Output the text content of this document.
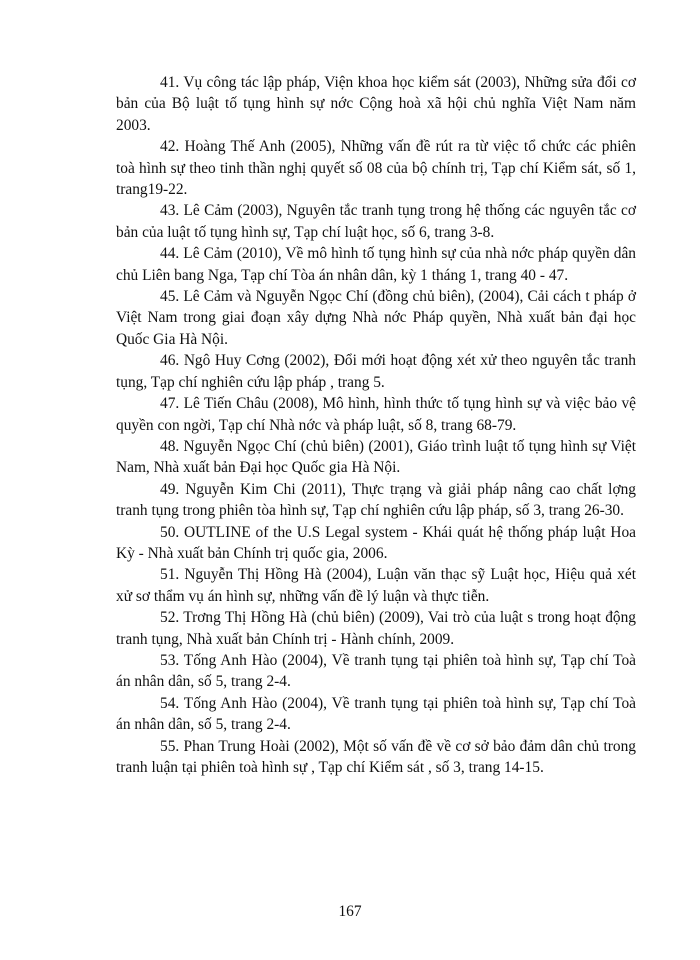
41. Vụ công tác lập pháp, Viện khoa học kiểm sát (2003), Những sửa đổi cơ bản của Bộ luật tố tụng hình sự nớc Cộng hoà xã hội chủ nghĩa Việt Nam năm 2003.

42. Hoàng Thế Anh (2005), Những vấn đề rút ra từ việc tổ chức các phiên toà hình sự theo tinh thần nghị quyết số 08 của bộ chính trị, Tạp chí Kiểm sát, số 1, trang19-22.

43. Lê Cảm (2003), Nguyên tắc tranh tụng trong hệ thống các nguyên tắc cơ bản của luật tố tụng hình sự, Tạp chí luật học, số 6, trang 3-8.

44. Lê Cảm (2010), Về mô hình tố tụng hình sự của nhà nớc pháp quyền dân chủ Liên bang Nga, Tạp chí Tòa án nhân dân, kỳ 1 tháng 1, trang 40 - 47.

45. Lê Cảm và Nguyễn Ngọc Chí (đồng chủ biên), (2004), Cải cách t pháp ở Việt Nam trong giai đoạn xây dựng Nhà nớc Pháp quyền, Nhà xuất bản đại học Quốc Gia Hà Nội.

46. Ngô Huy Cơng (2002), Đổi mới hoạt động xét xử theo nguyên tắc tranh tụng, Tạp chí nghiên cứu lập pháp , trang 5.

47. Lê Tiến Châu (2008), Mô hình, hình thức tố tụng hình sự và việc bảo vệ quyền con ngời, Tạp chí Nhà nớc và pháp luật, số 8, trang 68-79.

48. Nguyễn Ngọc Chí (chủ biên) (2001), Giáo trình luật tố tụng hình sự Việt Nam, Nhà xuất bản Đại học Quốc gia Hà Nội.

49. Nguyễn Kim Chi (2011), Thực trạng và giải pháp nâng cao chất lợng tranh tụng trong phiên tòa hình sự, Tạp chí nghiên cứu lập pháp, số 3, trang 26-30.

50. OUTLINE of the U.S Legal system - Khái quát hệ thống pháp luật Hoa Kỳ - Nhà xuất bản Chính trị quốc gia, 2006.

51. Nguyễn Thị Hồng Hà (2004), Luận văn thạc sỹ Luật học, Hiệu quả xét xử sơ thẩm vụ án hình sự, những vấn đề lý luận và thực tiễn.

52. Trơng Thị Hồng Hà (chủ biên) (2009), Vai trò của luật s trong hoạt động tranh tụng, Nhà xuất bản Chính trị - Hành chính, 2009.

53. Tống Anh Hào (2004), Về tranh tụng tại phiên toà hình sự, Tạp chí Toà án nhân dân, số 5, trang 2-4.

54. Tống Anh Hào (2004), Về tranh tụng tại phiên toà hình sự, Tạp chí Toà án nhân dân, số 5, trang 2-4.

55. Phan Trung Hoài (2002), Một số vấn đề về cơ sở bảo đảm dân chủ trong tranh luận tại phiên toà hình sự , Tạp chí Kiểm sát , số 3, trang 14-15.

167
